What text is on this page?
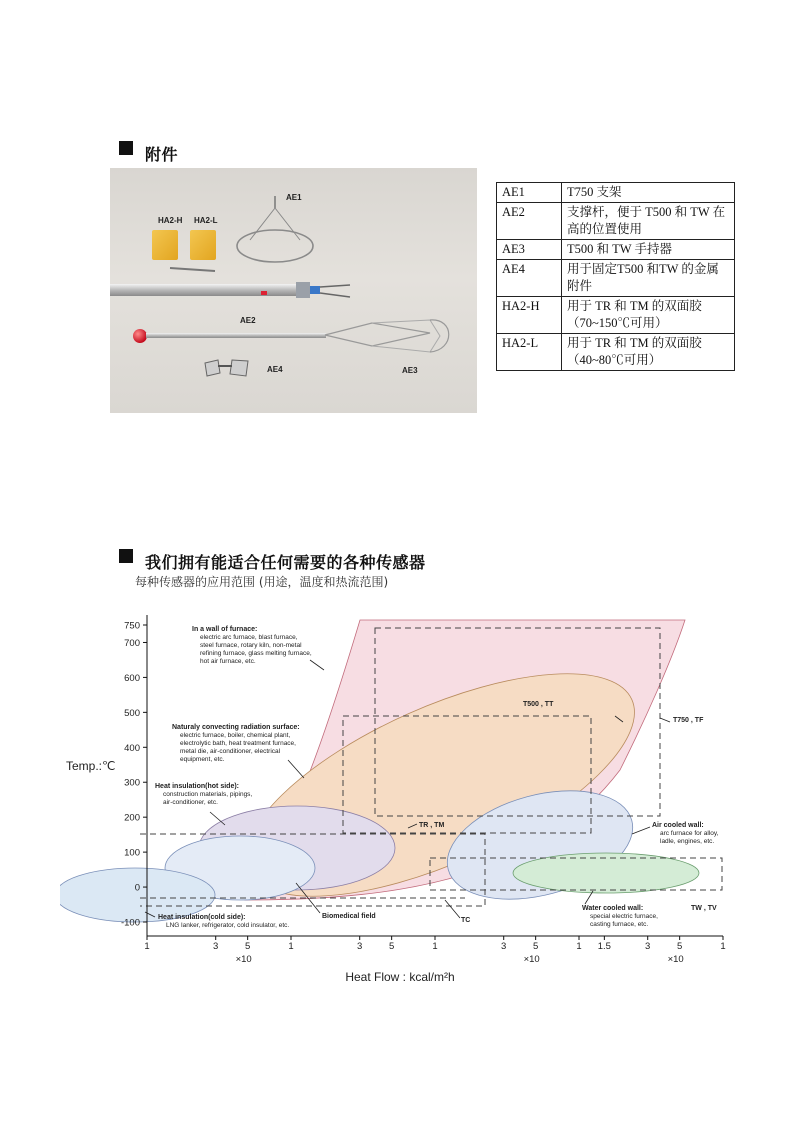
附件
AE1
HA2-H HA2-L
AE2
AE4	AE3
AE1	T750 支架
AE2	支撑杆，便于 T500 和 TW 在高的位置使用
AE3	T500 和 TW 手持器
AE4	用于固定T500 和TW 的金属附件
HA2-H	用于 TR 和 TM 的双面胶（70~150℃可用）
HA2-L	用于 TR 和 TM 的双面胶（40~80℃可用）
我们拥有能适合任何需要的各种传感器
每种传感器的应用范围 (用途，温度和热流范围)
750
700
600
500
400
300
200
100
0
-100
1	3	5	1	3	5	1	3	5	1 1.5	3	5	1
×10	×10	×10
Heat Flow : kcal/m²h
Temp.:℃
In a wall of furnace:
electric arc furnace, blast furnace,
steel furnace, rotary kiln, non-metal
refining furnace, glass melting furnace,
hot air furnace, etc.
Naturaly convecting radiation surface:
electric furnace, boiler, chemical plant,
electrolytic bath, heat treatment furnace,
metal die, air-conditioner, electrical
equipment, etc.
Heat insulation(hot side):
construction materials, pipings,
air-conditioner, etc.
Air cooled wall:
arc furnace for alloy,
ladle, engines, etc.
Water cooled wall:
special electric furnace,
casting furnace, etc.
Heat insulation(cold side):
LNG lanker, refrigerator, cold insulator, etc.
Biomedical field
TC
TR , TM
T500 , TT
T750 , TF
TW , TV
